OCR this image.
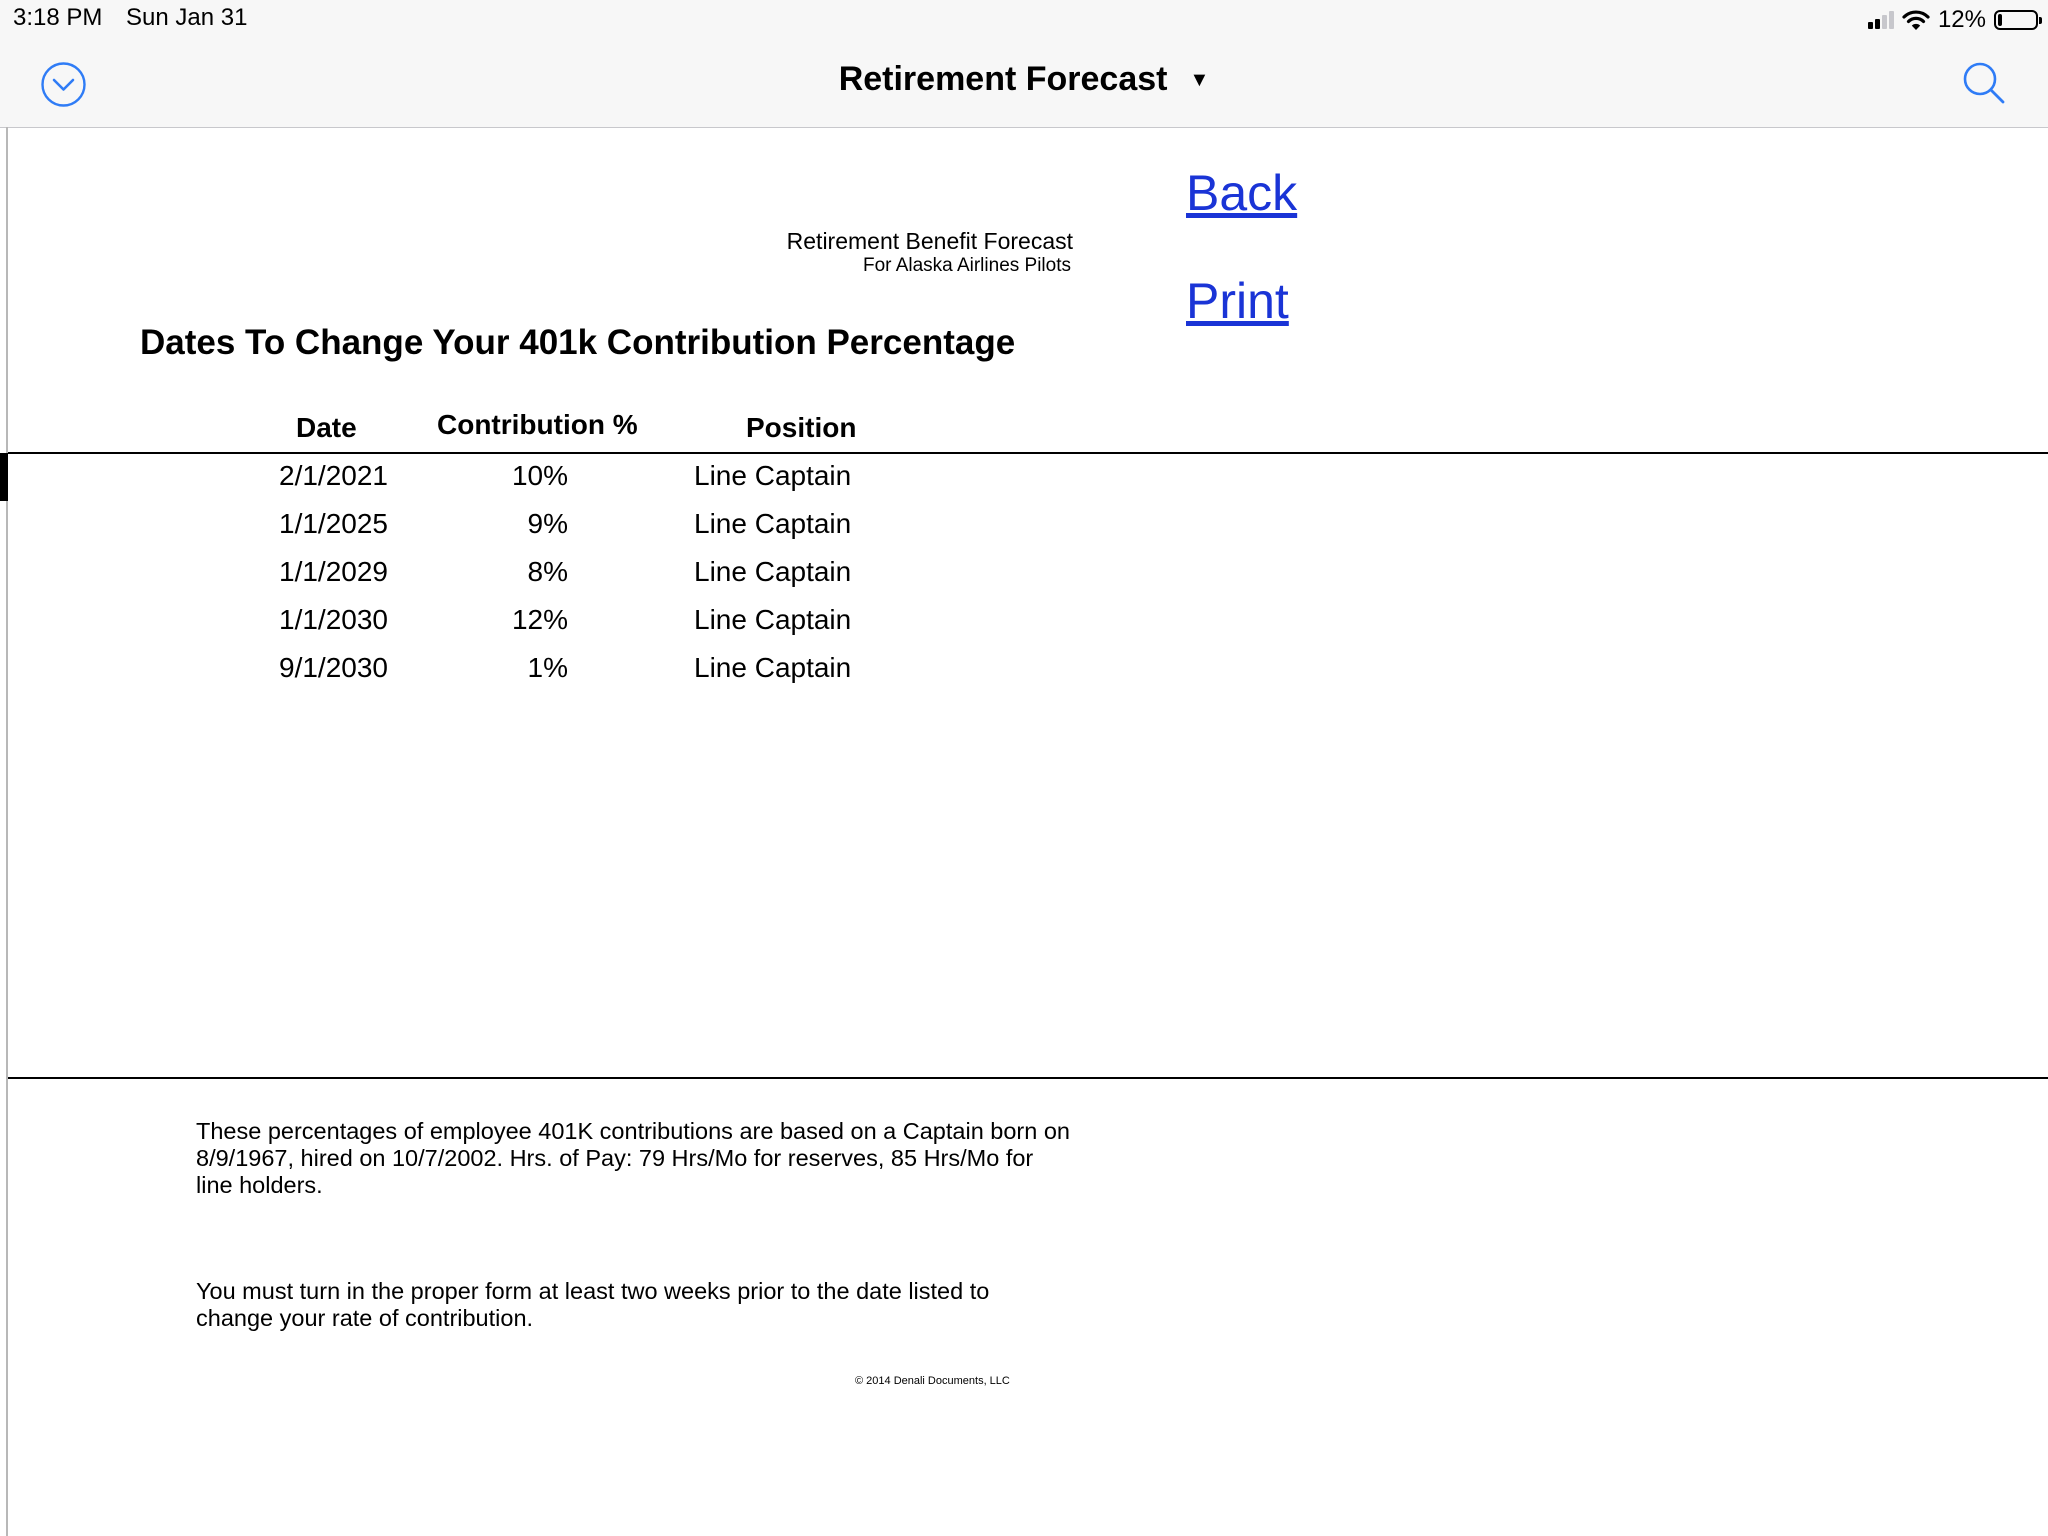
3:18 PM Sun Jan 31	12%
Retirement Forecast ▼
Back
Print
Retirement Benefit Forecast
For Alaska Airlines Pilots
Dates To Change Your 401k Contribution Percentage
Date	Contribution %	Position
2/1/2021	10%	Line Captain
1/1/2025	9%	Line Captain
1/1/2029	8%	Line Captain
1/1/2030	12%	Line Captain
9/1/2030	1%	Line Captain
These percentages of employee 401K contributions are based on a Captain born on 8/9/1967, hired on 10/7/2002. Hrs. of Pay: 79 Hrs/Mo for reserves, 85 Hrs/Mo for line holders.
You must turn in the proper form at least two weeks prior to the date listed to change your rate of contribution.
© 2014 Denali Documents, LLC
